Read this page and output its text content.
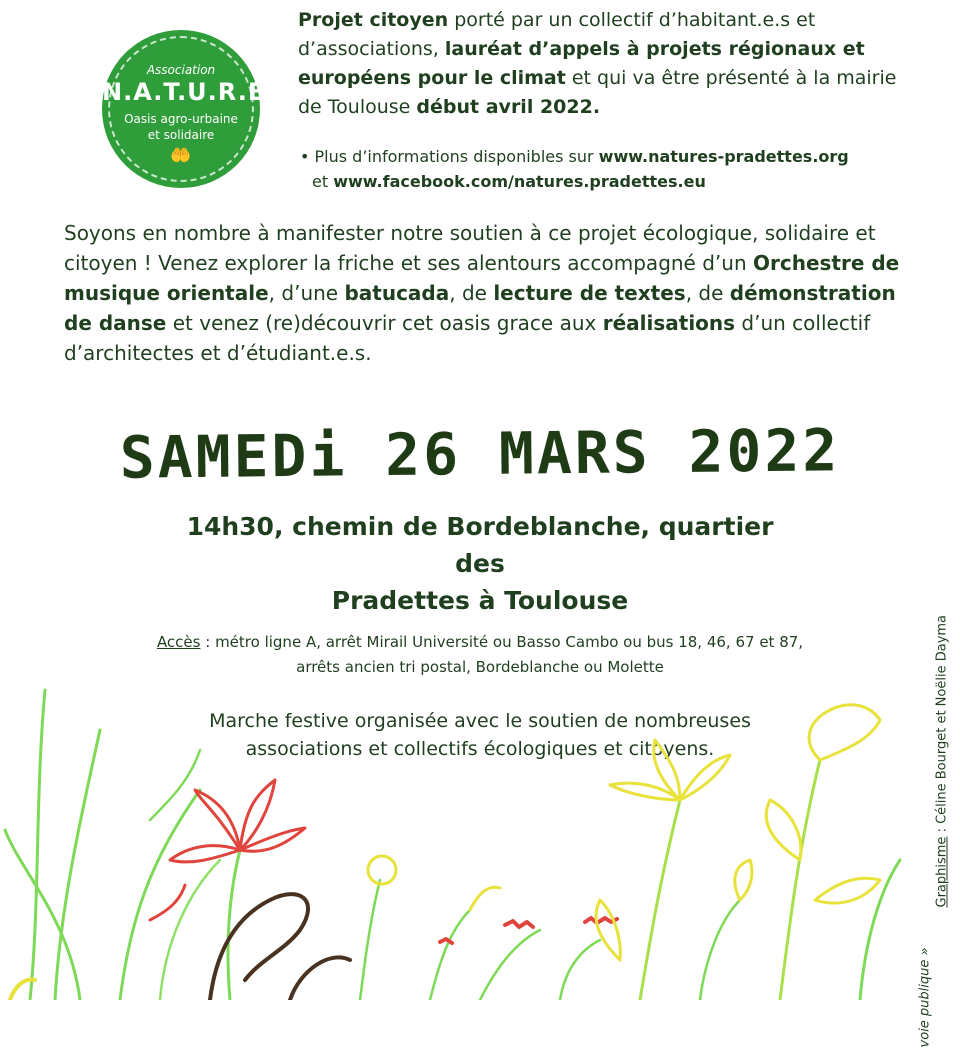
Association
N.A.T.U.R.E.S
Oasis agro-urbaine
et solidaire
🤲

Projet citoyen porté par un collectif d’habitant.e.s et d’associations, lauréat d’appels à projets régionaux et européens pour le climat et qui va être présenté à la mairie de Toulouse début avril 2022.

• Plus d’informations disponibles sur www.natures-pradettes.org
et www.facebook.com/natures.pradettes.eu

Soyons en nombre à manifester notre soutien à ce projet écologique, solidaire et citoyen ! Venez explorer la friche et ses alentours accompagné d’un Orchestre de musique orientale, d’une batucada, de lecture de textes, de démonstration de danse et venez (re)découvrir cet oasis grace aux réalisations d’un collectif d’architectes et d’étudiant.e.s.

SAMEDi 26 MARS 2022

14h30, chemin de Bordeblanche, quartier des
Pradettes à Toulouse

Accès : métro ligne A, arrêt Mirail Université ou Basso Cambo ou bus 18, 46, 67 et 87,
arrêts ancien tri postal, Bordeblanche ou Molette

Marche festive organisée avec le soutien de nombreuses
associations et collectifs écologiques et citoyens.

Graphisme : Céline Bourget et Noëlie Dayma
voie publique »
